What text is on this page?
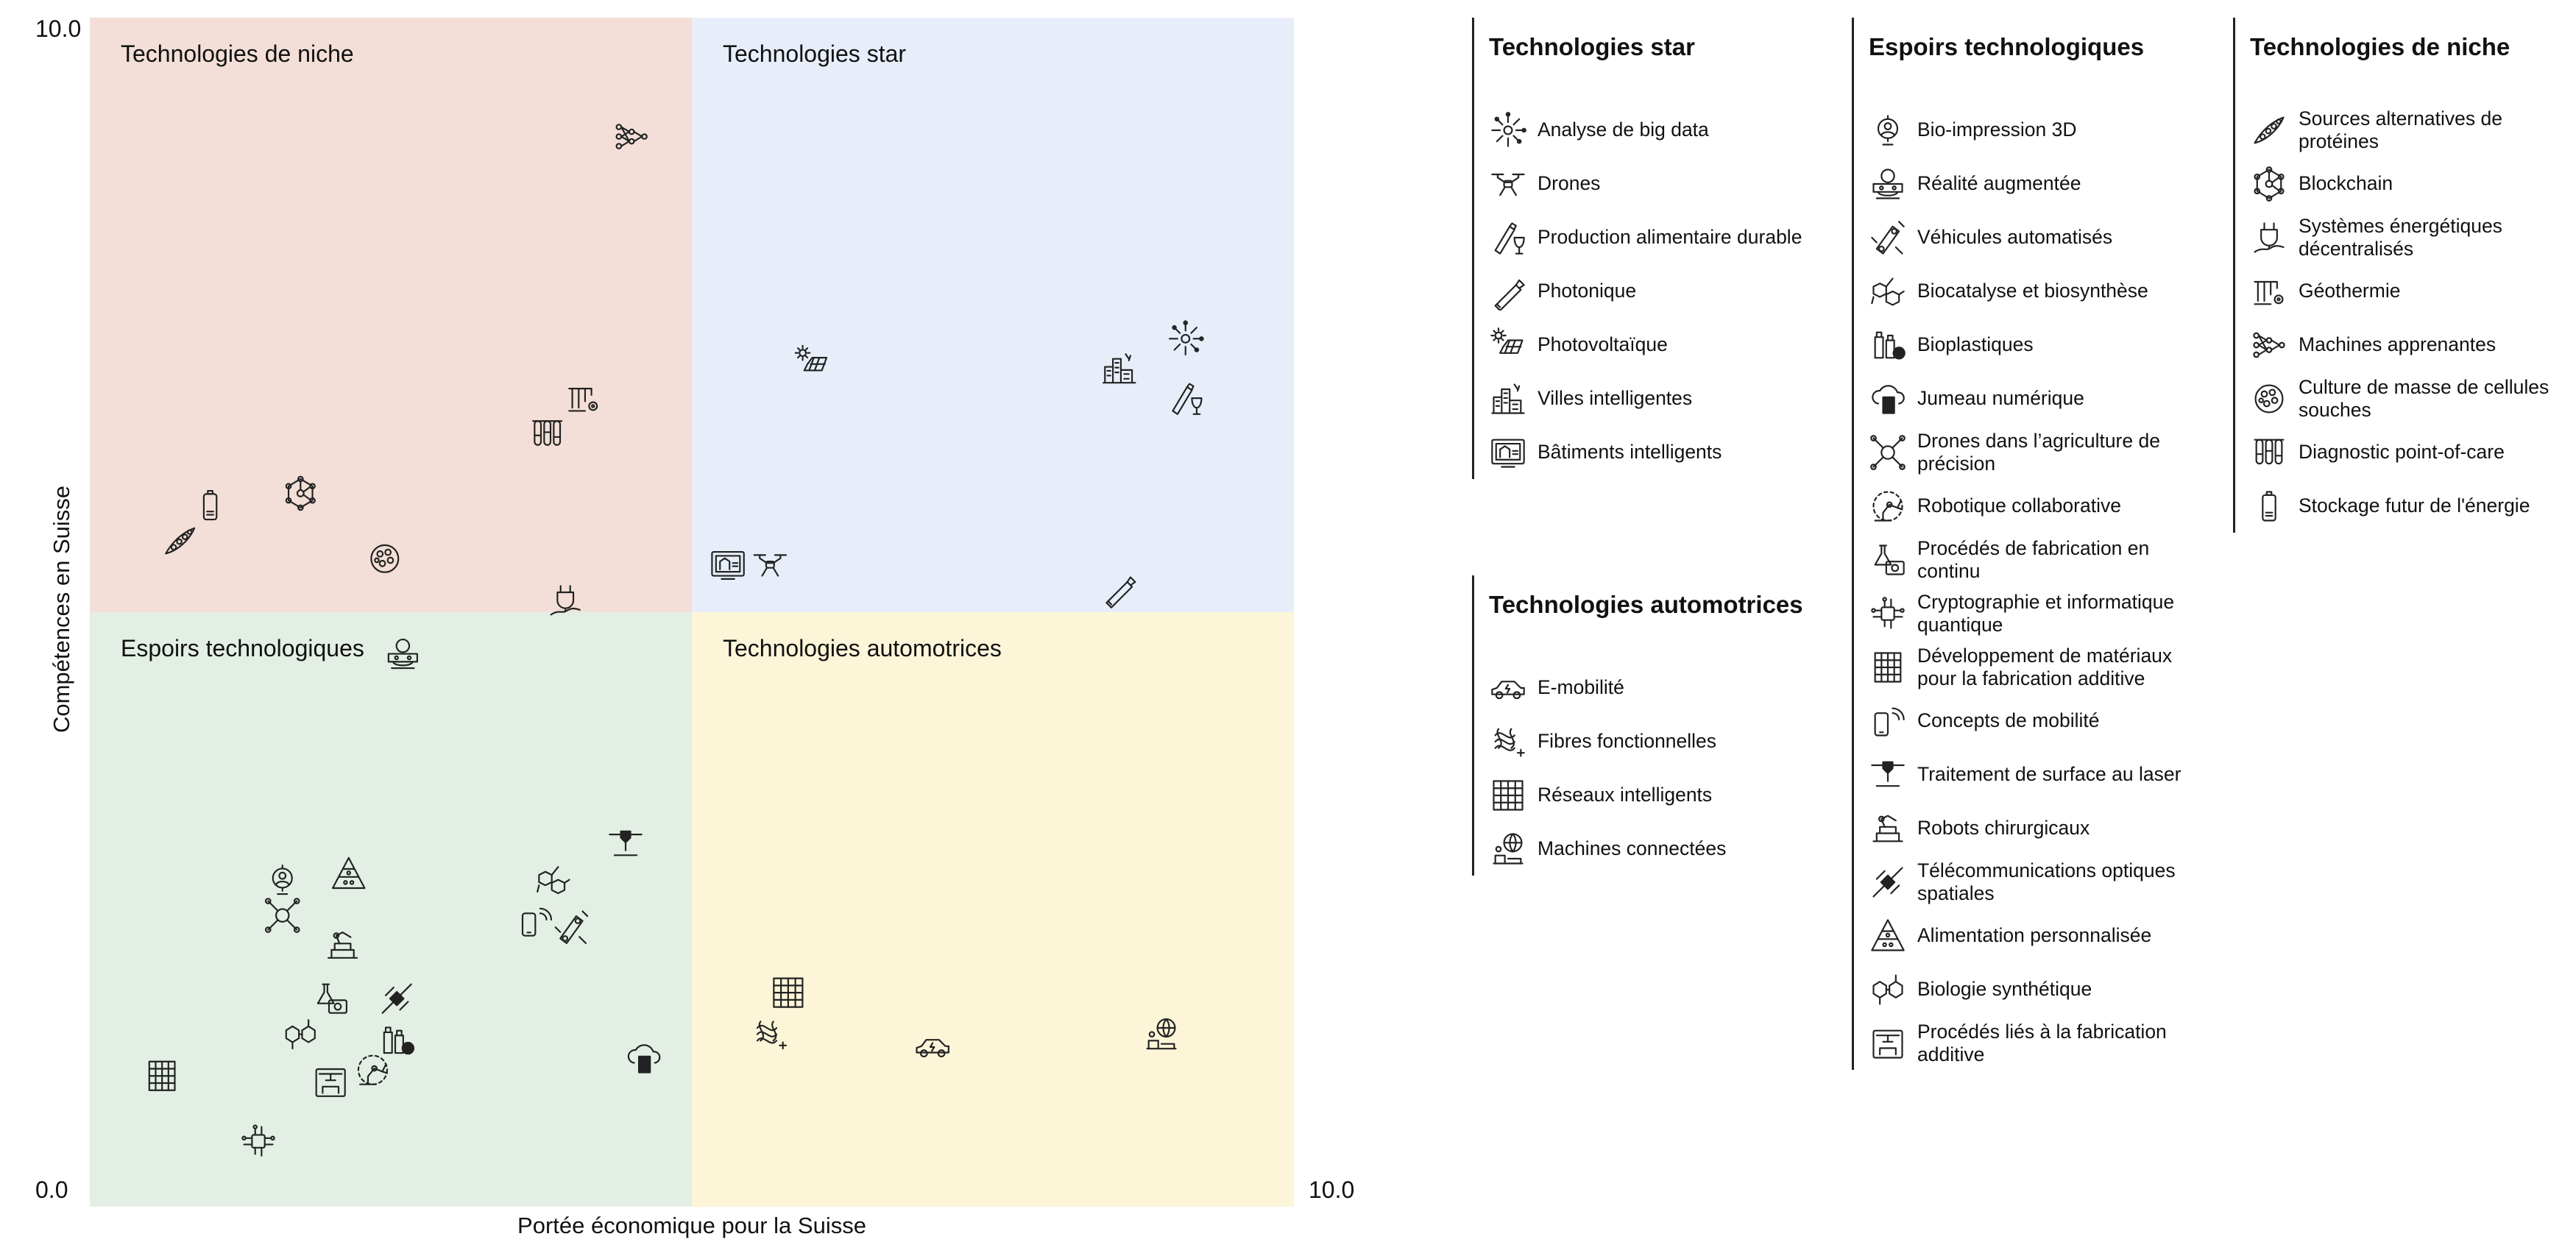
Technologies de niche	Technologies star
Espoirs technologiques	Technologies automotrices
10.0
0.0	10.0
Portée économique pour la Suisse
Compétences en Suisse
Technologies star
Analyse de big data
Drones
Production alimentaire durable
Photonique
Photovoltaïque
Villes intelligentes
Bâtiments intelligents
Technologies automotrices
E-mobilité
Fibres fonctionnelles
Réseaux intelligents
Machines connectées
Espoirs technologiques
Bio-impression 3D
Réalité augmentée
Véhicules automatisés
Biocatalyse et biosynthèse
Bioplastiques
Jumeau numérique
Drones dans l’agriculture de précision
Robotique collaborative
Procédés de fabrication en continu
Cryptographie et informatique quantique
Développement de matériaux pour la fabrication additive
Concepts de mobilité
Traitement de surface au laser
Robots chirurgicaux
Télécommunications optiques spatiales
Alimentation personnalisée
Biologie synthétique
Procédés liés à la fabrication additive
Technologies de niche
Sources alternatives de protéines
Blockchain
Systèmes énergétiques décentralisés
Géothermie
Machines apprenantes
Culture de masse de cellules souches
Diagnostic point-of-care
Stockage futur de l'énergie
